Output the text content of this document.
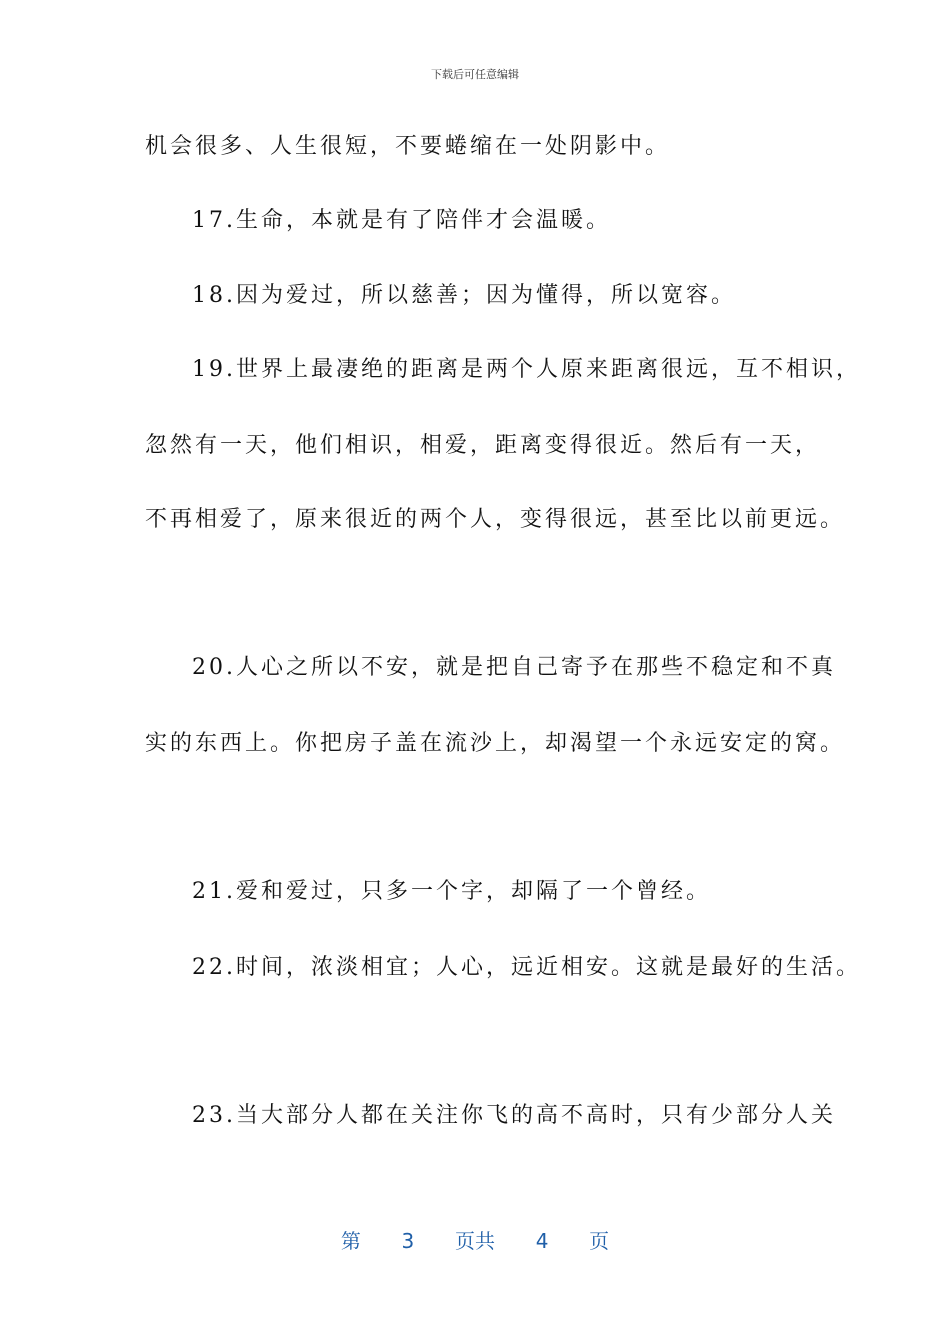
下载后可任意编辑
机会很多、人生很短，不要蜷缩在一处阴影中。
17.生命，本就是有了陪伴才会温暖。
18.因为爱过，所以慈善；因为懂得，所以宽容。
19.世界上最凄绝的距离是两个人原来距离很远，互不相识，
忽然有一天，他们相识，相爱，距离变得很近。然后有一天，
不再相爱了，原来很近的两个人，变得很远，甚至比以前更远。
20.人心之所以不安，就是把自己寄予在那些不稳定和不真
实的东西上。你把房子盖在流沙上，却渴望一个永远安定的窝。
21.爱和爱过，只多一个字，却隔了一个曾经。
22.时间，浓淡相宜；人心，远近相安。这就是最好的生活。
23.当大部分人都在关注你飞的高不高时，只有少部分人关
第 3 页共 4 页
